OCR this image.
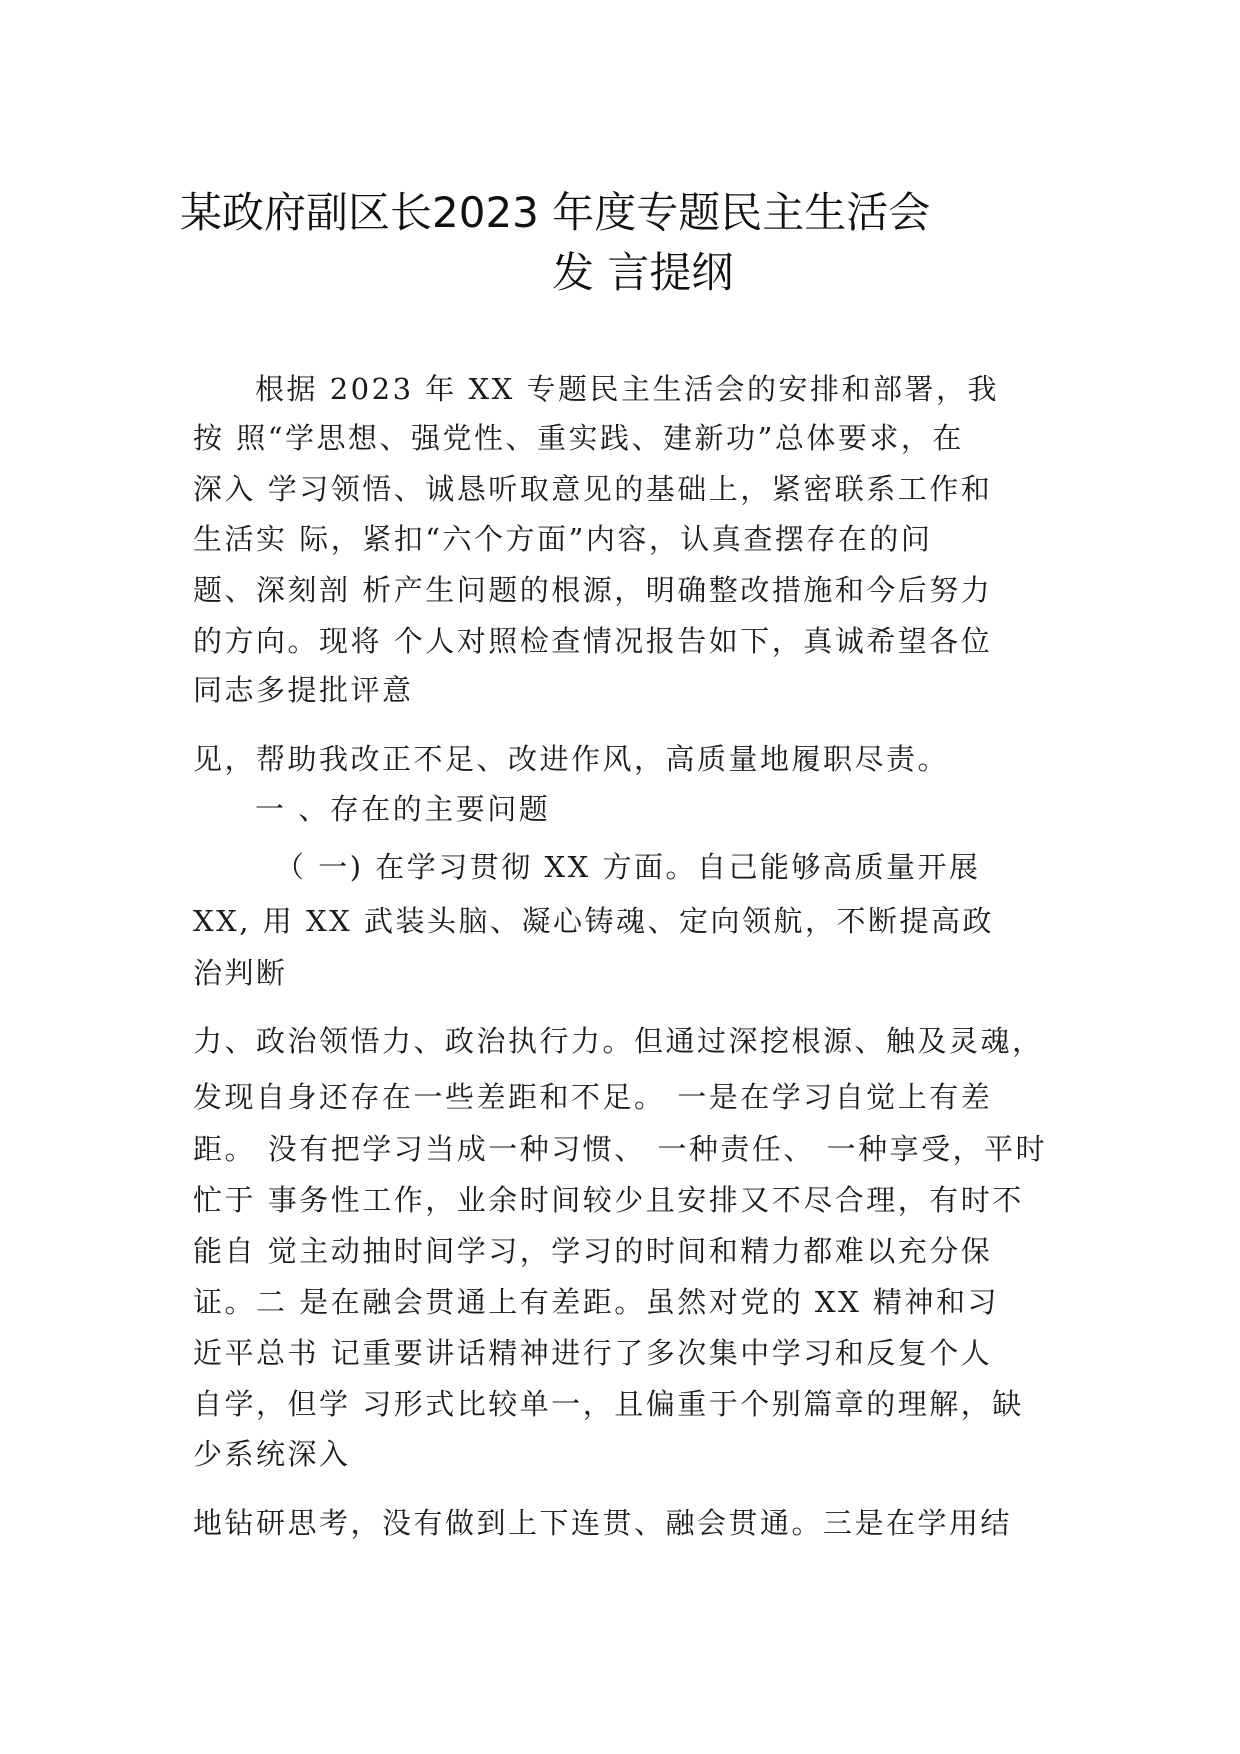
某政府副区长2023 年度专题民主生活会
发 言提纲
根据 2023 年 XX 专题民主生活会的安排和部署，我
按 照“学思想、强党性、重实践、建新功”总体要求，在
深入 学习领悟、诚恳听取意见的基础上，紧密联系工作和
生活实 际，紧扣“六个方面”内容，认真查摆存在的问
题、深刻剖 析产生问题的根源，明确整改措施和今后努力
的方向。现将 个人对照检查情况报告如下，真诚希望各位
同志多提批评意
见，帮助我改正不足、改进作风，高质量地履职尽责。
一 、存在的主要问题
（ 一) 在学习贯彻 XX 方面。自己能够高质量开展
XX, 用 XX 武装头脑、凝心铸魂、定向领航，不断提高政
治判断
力、政治领悟力、政治执行力。但通过深挖根源、触及灵魂，
发现自身还存在一些差距和不足。 一是在学习自觉上有差
距。 没有把学习当成一种习惯、 一种责任、 一种享受，平时
忙于 事务性工作，业余时间较少且安排又不尽合理，有时不
能自 觉主动抽时间学习，学习的时间和精力都难以充分保
证。二 是在融会贯通上有差距。虽然对党的 XX 精神和习
近平总书 记重要讲话精神进行了多次集中学习和反复个人
自学，但学 习形式比较单一，且偏重于个别篇章的理解，缺
少系统深入
地钻研思考，没有做到上下连贯、融会贯通。三是在学用结
